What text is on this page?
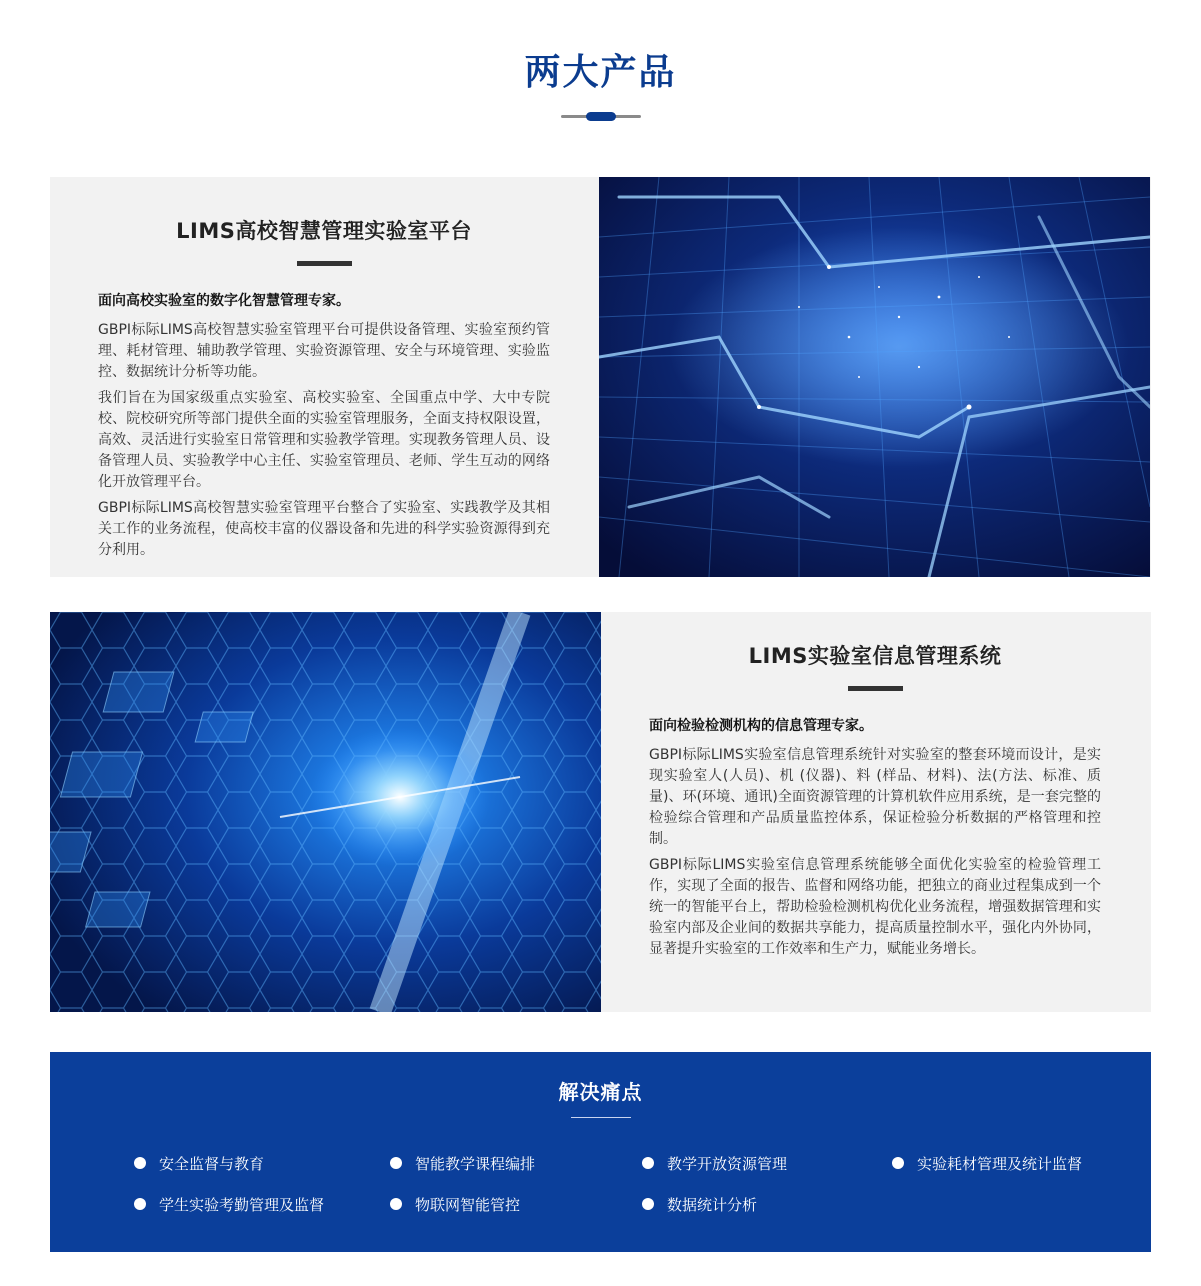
两大产品
LIMS高校智慧管理实验室平台

面向高校实验室的数字化智慧管理专家。

GBPI标际LIMS高校智慧实验室管理平台可提供设备管理、实验室预约管理、耗材管理、辅助教学管理、实验资源管理、安全与环境管理、实验监控、数据统计分析等功能。

我们旨在为国家级重点实验室、高校实验室、全国重点中学、大中专院校、院校研究所等部门提供全面的实验室管理服务，全面支持权限设置，高效、灵活进行实验室日常管理和实验教学管理。实现教务管理人员、设备管理人员、实验教学中心主任、实验室管理员、老师、学生互动的网络化开放管理平台。

GBPI标际LIMS高校智慧实验室管理平台整合了实验室、实践教学及其相关工作的业务流程，使高校丰富的仪器设备和先进的科学实验资源得到充分利用。

LIMS实验室信息管理系统

面向检验检测机构的信息管理专家。

GBPI标际LIMS实验室信息管理系统针对实验室的整套环境而设计，是实现实验室人(人员)、机 (仪器)、料 (样品、材料)、法(方法、标准、质量)、环(环境、通讯)全面资源管理的计算机软件应用系统，是一套完整的检验综合管理和产品质量监控体系，保证检验分析数据的严格管理和控制。

GBPI标际LIMS实验室信息管理系统能够全面优化实验室的检验管理工作，实现了全面的报告、监督和网络功能，把独立的商业过程集成到一个统一的智能平台上，帮助检验检测机构优化业务流程，增强数据管理和实验室内部及企业间的数据共享能力，提高质量控制水平，强化内外协同，显著提升实验室的工作效率和生产力，赋能业务增长。

解决痛点
安全监督与教育	智能教学课程编排	教学开放资源管理	实验耗材管理及统计监督
学生实验考勤管理及监督	物联网智能管控	数据统计分析
